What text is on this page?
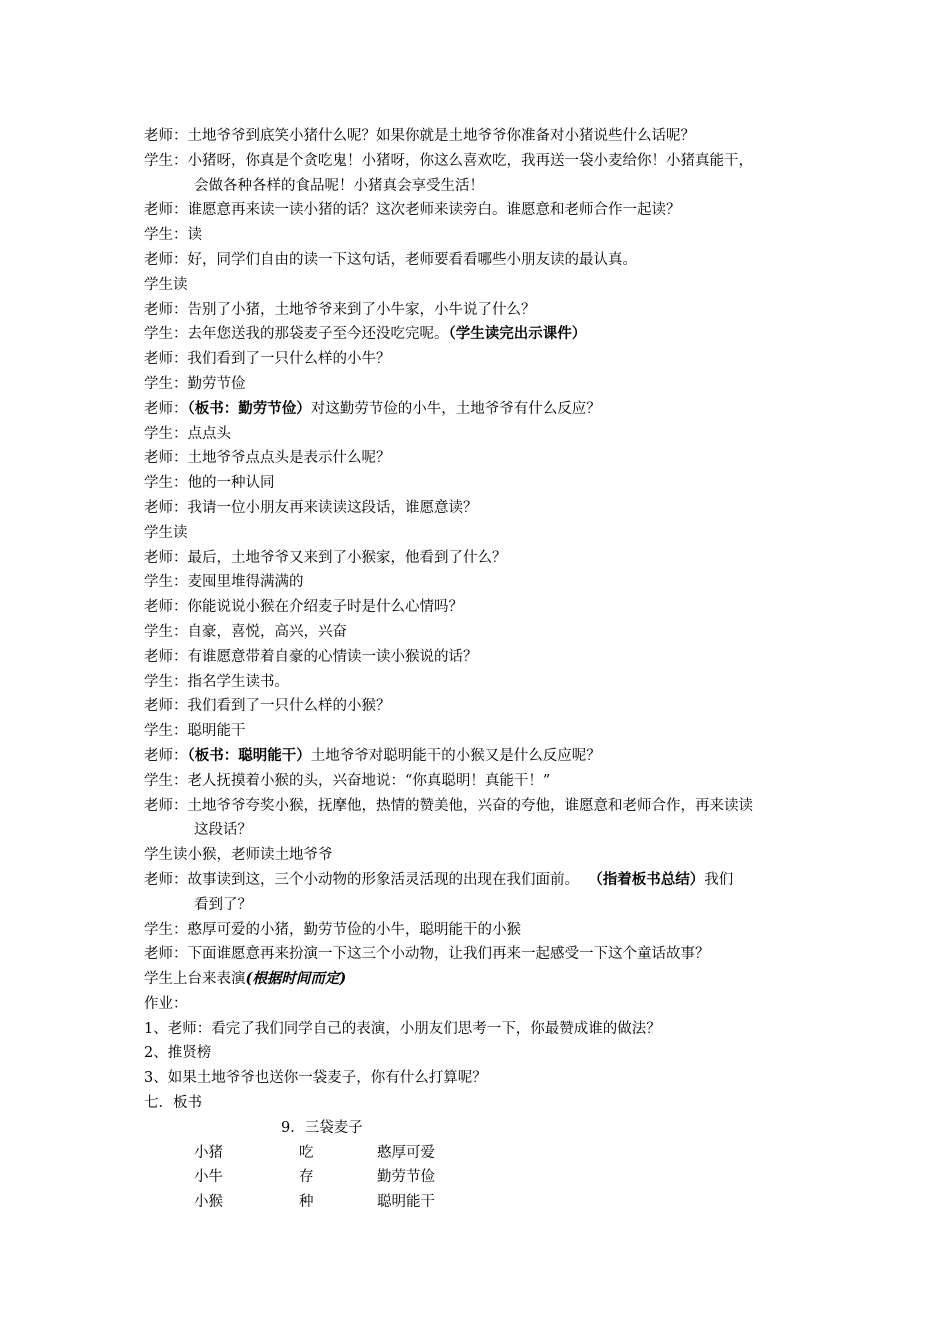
老师：土地爷爷到底笑小猪什么呢？如果你就是土地爷爷你准备对小猪说些什么话呢？
学生：小猪呀，你真是个贪吃鬼！小猪呀，你这么喜欢吃，我再送一袋小麦给你！小猪真能干，
会做各种各样的食品呢！小猪真会享受生活！
老师：谁愿意再来读一读小猪的话？这次老师来读旁白。谁愿意和老师合作一起读？
学生：读
老师：好，同学们自由的读一下这句话，老师要看看哪些小朋友读的最认真。
学生读
老师：告别了小猪，土地爷爷来到了小牛家，小牛说了什么？
学生：去年您送我的那袋麦子至今还没吃完呢。（学生读完出示课件）
老师：我们看到了一只什么样的小牛？
学生：勤劳节俭
老师：（板书：勤劳节俭）对这勤劳节俭的小牛，土地爷爷有什么反应？
学生：点点头
老师：土地爷爷点点头是表示什么呢？
学生：他的一种认同
老师：我请一位小朋友再来读读这段话，谁愿意读？
学生读
老师：最后，土地爷爷又来到了小猴家，他看到了什么？
学生：麦囤里堆得满满的
老师：你能说说小猴在介绍麦子时是什么心情吗？
学生：自豪，喜悦，高兴，兴奋
老师：有谁愿意带着自豪的心情读一读小猴说的话？
学生：指名学生读书。
老师：我们看到了一只什么样的小猴？
学生：聪明能干
老师：（板书：聪明能干）土地爷爷对聪明能干的小猴又是什么反应呢？
学生：老人抚摸着小猴的头，兴奋地说：“你真聪明！真能干！”
老师：土地爷爷夸奖小猴，抚摩他，热情的赞美他，兴奋的夸他，谁愿意和老师合作，再来读读
这段话？
学生读小猴，老师读土地爷爷
老师：故事读到这，三个小动物的形象活灵活现的出现在我们面前。 （指着板书总结）我们
看到了？
学生：憨厚可爱的小猪，勤劳节俭的小牛，聪明能干的小猴
老师：下面谁愿意再来扮演一下这三个小动物，让我们再来一起感受一下这个童话故事？
学生上台来表演(根据时间而定)
作业：
1、老师：看完了我们同学自己的表演，小朋友们思考一下，你最赞成谁的做法？
2、推贤榜
3、如果土地爷爷也送你一袋麦子，你有什么打算呢？
七．板书
9．三袋麦子
小猪	吃	憨厚可爱
小牛	存	勤劳节俭
小猴	种	聪明能干
